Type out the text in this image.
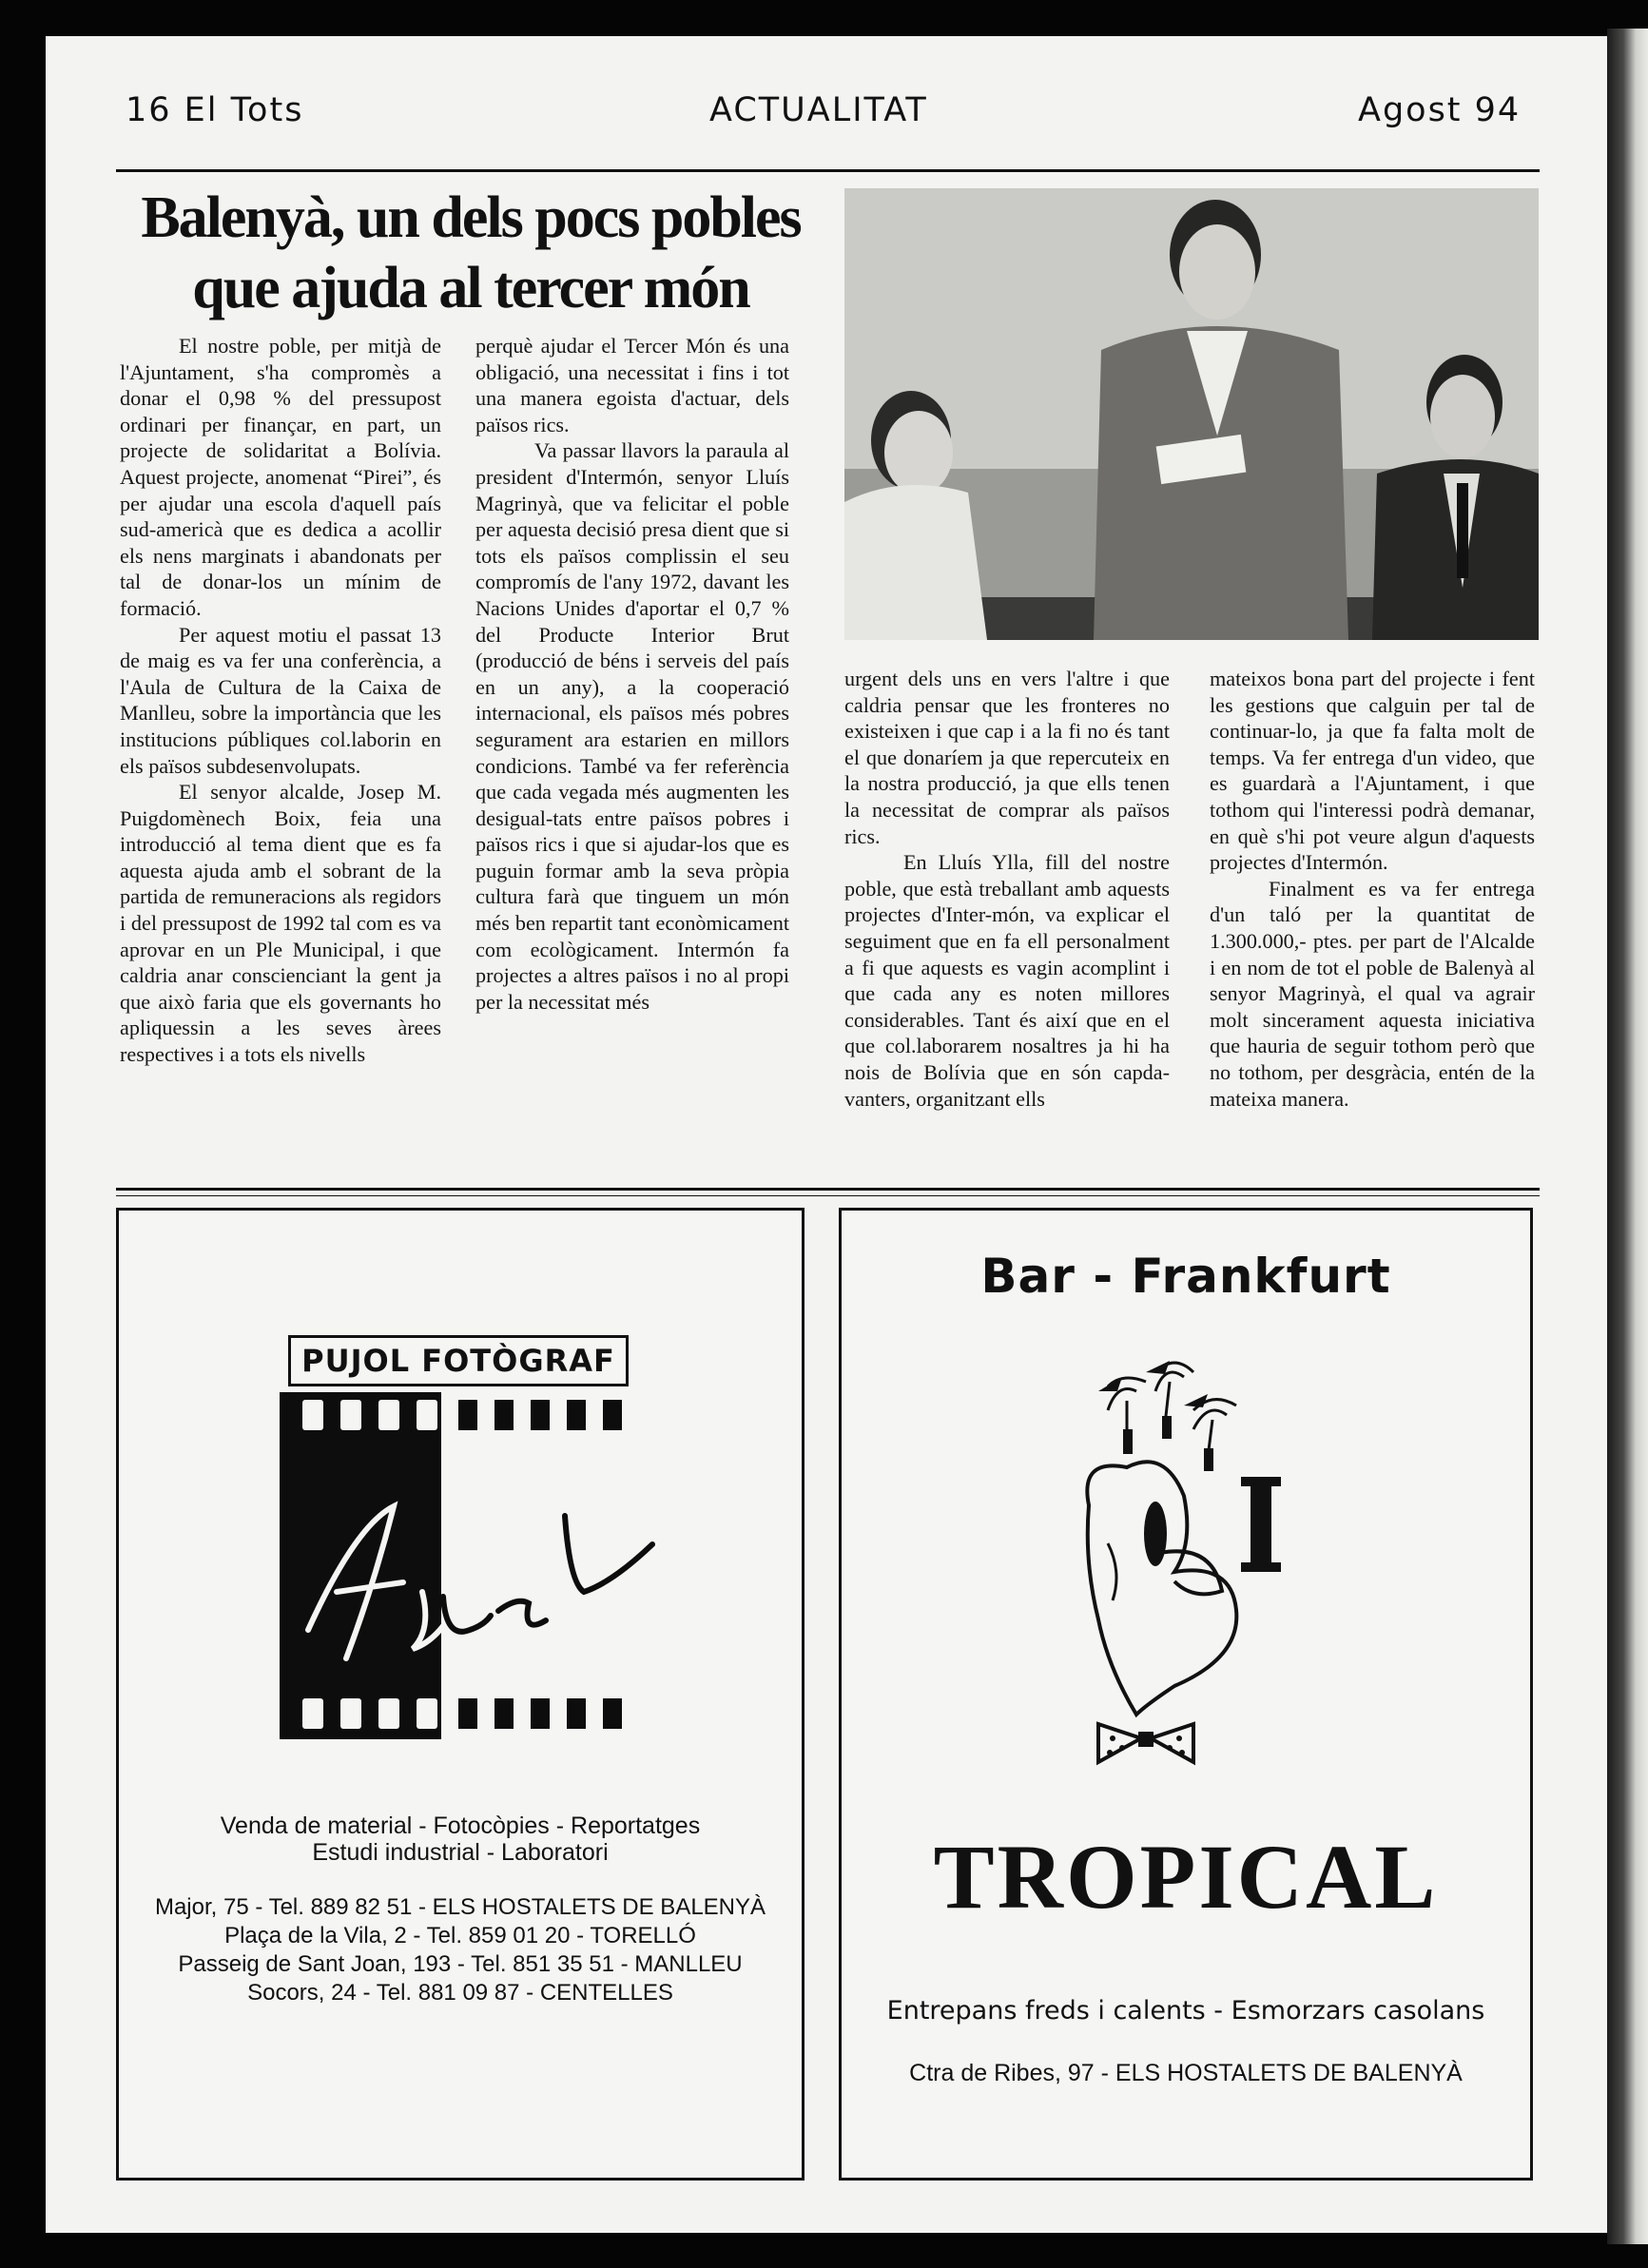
16 El Tots	ACTUALITAT	Agost 94
Balenyà, un dels pocs pobles
que ajuda al tercer món

El nostre poble, per mitjà de l'Ajuntament, s'ha compromès a donar el 0,98 % del pressupost ordinari per finançar, en part, un projecte de solidaritat a Bolívia. Aquest projecte, anomenat “Pirei”, és per ajudar una escola d'aquell país sud-americà que es dedica a acollir els nens marginats i abandonats per tal de donar-los un mínim de formació.

Per aquest motiu el passat 13 de maig es va fer una conferència, a l'Aula de Cultura de la Caixa de Manlleu, sobre la importància que les institucions públiques col.laborin en els països subdesenvolupats.

El senyor alcalde, Josep M. Puigdomènech Boix, feia una introducció al tema dient que es fa aquesta ajuda amb el sobrant de la partida de remuneracions als regidors i del pressupost de 1992 tal com es va aprovar en un Ple Municipal, i que caldria anar conscienciant la gent ja que això faria que els governants ho apliquessin a les seves àrees respectives i a tots els nivells

perquè ajudar el Tercer Món és una obligació, una necessitat i fins i tot una manera egoista d'actuar, dels països rics.

Va passar llavors la paraula al president d'Intermón, senyor Lluís Magrinyà, que va felicitar el poble per aquesta decisió presa dient que si tots els països complissin el seu compromís de l'any 1972, davant les Nacions Unides d'aportar el 0,7 % del Producte Interior Brut (producció de béns i serveis del país en un any), a la cooperació internacional, els països més pobres segurament ara estarien en millors condicions. També va fer referència que cada vegada més augmenten les desigual-tats entre països pobres i països rics i que si ajudar-los que es puguin formar amb la seva pròpia cultura farà que tinguem un món més ben repartit tant econòmicament com ecològicament. Intermón fa projectes a altres països i no al propi per la necessitat més

urgent dels uns en vers l'altre i que caldria pensar que les fronteres no existeixen i que cap i a la fi no és tant el que donaríem ja que repercuteix en la nostra producció, ja que ells tenen la necessitat de comprar als països rics.

En Lluís Ylla, fill del nostre poble, que està treballant amb aquests projectes d'Inter-món, va explicar el seguiment que en fa ell personalment a fi que aquests es vagin acomplint i que cada any es noten millores considerables. Tant és així que en el que col.laborarem nosaltres ja hi ha nois de Bolívia que en són capda-vanters, organitzant ells

mateixos bona part del projecte i fent les gestions que calguin per tal de continuar-lo, ja que fa falta molt de temps. Va fer entrega d'un video, que es guardarà a l'Ajuntament, i que tothom qui l'interessi podrà demanar, en què s'hi pot veure algun d'aquests projectes d'Intermón.

Finalment es va fer entrega d'un taló per la quantitat de 1.300.000,- ptes. per part de l'Alcalde i en nom de tot el poble de Balenyà al senyor Magrinyà, el qual va agrair molt sincerament aquesta iniciativa que hauria de seguir tothom però que no tothom, per desgràcia, entén de la mateixa manera.

PUJOL FOTÒGRAF
Venda de material - Fotocòpies - Reportatges
Estudi industrial - Laboratori
Major, 75 - Tel. 889 82 51 - ELS HOSTALETS DE BALENYÀ
Plaça de la Vila, 2 - Tel. 859 01 20 - TORELLÓ
Passeig de Sant Joan, 193 - Tel. 851 35 51 - MANLLEU
Socors, 24 - Tel. 881 09 87 - CENTELLES
Bar - Frankfurt
TROPICAL
Entrepans freds i calents - Esmorzars casolans
Ctra de Ribes, 97 - ELS HOSTALETS DE BALENYÀ
